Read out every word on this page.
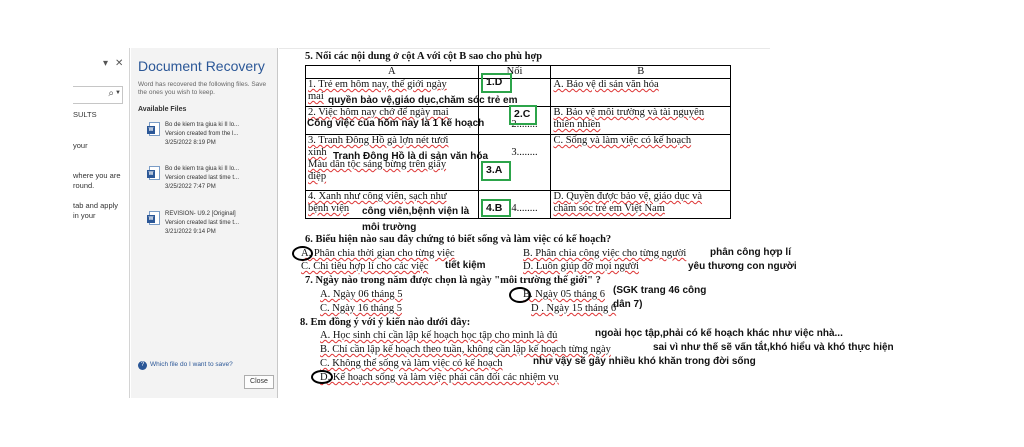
▾ ✕
⌕ ▼
SULTS
your
where you are
round.
tab and apply
in your
Document Recovery
Word has recovered the following files. Save the ones you wish to keep.
Available Files
W
Bo de kiem tra giua ki II lo...
Version created from the l...
3/25/2022 8:19 PM
W
Bo de kiem tra giua ki II lo...
Version created last time t...
3/25/2022 7:47 PM
W
REVISION- U9.2 [Original]
Version created last time t...
3/21/2022 9:14 PM
? Which file do I want to save?
Close
5. Nối các nội dung ở cột A với cột B sao cho phù hợp
A	Nối	B
1. Trẻ em hôm nay, thế giới ngày
mai		A. Bảo vệ di sản văn hóa
2. Việc hôm nay chớ để ngày mai	2........	B. Bảo vệ môi trường và tài nguyên
thiên nhiên
3. Tranh Đông Hồ gà lợn nét tươi
xinh
Màu dân tộc sáng bừng trên giấy
điệp	3........	C. Sống và làm việc có kế hoạch
4. Xanh như công viên, sạch như
bệnh viện	4........	D. Quyền được bảo vệ, giáo dục và
chăm sóc trẻ em Việt Nam
1.D
2.C
3.A
4.B
quyền bảo vệ,giáo dục,chăm sóc trẻ em
Công việc của hôm nay là 1 kế hoạch
Tranh Đông Hồ là di sản văn hóa
công viên,bệnh viện là
môi trường
6. Biểu hiện nào sau đây chứng tỏ biết sống và làm việc có kế hoạch?
A. Phân chia thời gian cho từng việc	B. Phân chia công việc cho từng người
C. Chi tiêu hợp lí cho các việc	D. Luôn giúp đỡ mọi người
phân công hợp lí
tiết kiệm	yêu thương con người
7. Ngày nào trong năm được chọn là ngày "môi trường thế giới" ?
A. Ngày 06 tháng 5	B. Ngày 05 tháng 6
C. Ngày 16 tháng 5	D . Ngày 15 tháng 6
(SGK trang 46 công
dân 7)
8. Em đồng ý với ý kiến nào dưới đây:
A. Học sinh chỉ cần lập kế hoạch học tập cho mình là đủ
B. Chỉ cần lập kế hoạch theo tuần, không cần lập kế hoạch từng ngày
C. Không thể sống và làm việc có kế hoạch
D. Kế hoạch sống và làm việc phải cân đối các nhiệm vụ
ngoài học tập,phải có kế hoạch khác như việc nhà...
sai vì như thế sẽ vấn tắt,khó hiểu và khó thực hiện
như vậy sẽ gây nhiều khó khăn trong đời sống
